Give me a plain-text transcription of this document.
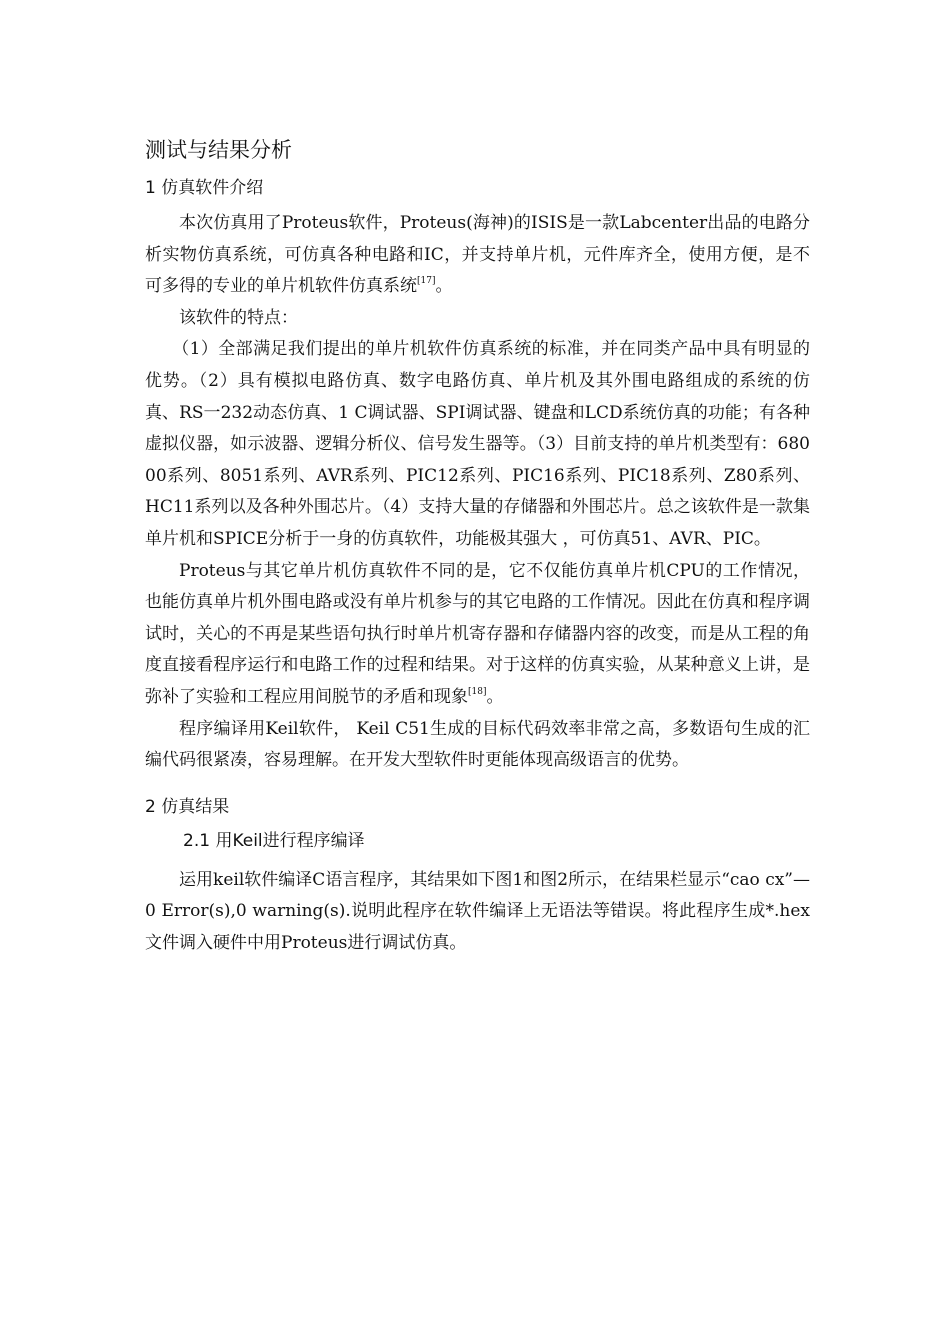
测试与结果分析
1 仿真软件介绍

本次仿真用了Proteus软件，Proteus(海神)的ISIS是一款Labcenter出品的电路分析实物仿真系统，可仿真各种电路和IC，并支持单片机，元件库齐全，使用方便，是不可多得的专业的单片机软件仿真系统[17]。

该软件的特点：

（1）全部满足我们提出的单片机软件仿真系统的标准，并在同类产品中具有明显的优势。（2）具有模拟电路仿真、数字电路仿真、单片机及其外围电路组成的系统的仿真、RS一232动态仿真、1 C调试器、SPI调试器、键盘和LCD系统仿真的功能；有各种虚拟仪器，如示波器、逻辑分析仪、信号发生器等。（3）目前支持的单片机类型有：68000系列、8051系列、AVR系列、PIC12系列、PIC16系列、PIC18系列、Z80系列、HC11系列以及各种外围芯片。（4）支持大量的存储器和外围芯片。总之该软件是一款集单片机和SPICE分析于一身的仿真软件，功能极其强大 ，可仿真51、AVR、PIC。

Proteus与其它单片机仿真软件不同的是，它不仅能仿真单片机CPU的工作情况，也能仿真单片机外围电路或没有单片机参与的其它电路的工作情况。因此在仿真和程序调试时，关心的不再是某些语句执行时单片机寄存器和存储器内容的改变，而是从工程的角度直接看程序运行和电路工作的过程和结果。对于这样的仿真实验，从某种意义上讲，是弥补了实验和工程应用间脱节的矛盾和现象[18]。

程序编译用Keil软件， Keil C51生成的目标代码效率非常之高，多数语句生成的汇编代码很紧凑，容易理解。在开发大型软件时更能体现高级语言的优势。

2 仿真结果
2.1 用Keil进行程序编译

运用keil软件编译C语言程序，其结果如下图1和图2所示，在结果栏显示“cao cx”—0 Error(s),0 warning(s).说明此程序在软件编译上无语法等错误。将此程序生成*.hex文件调入硬件中用Proteus进行调试仿真。
